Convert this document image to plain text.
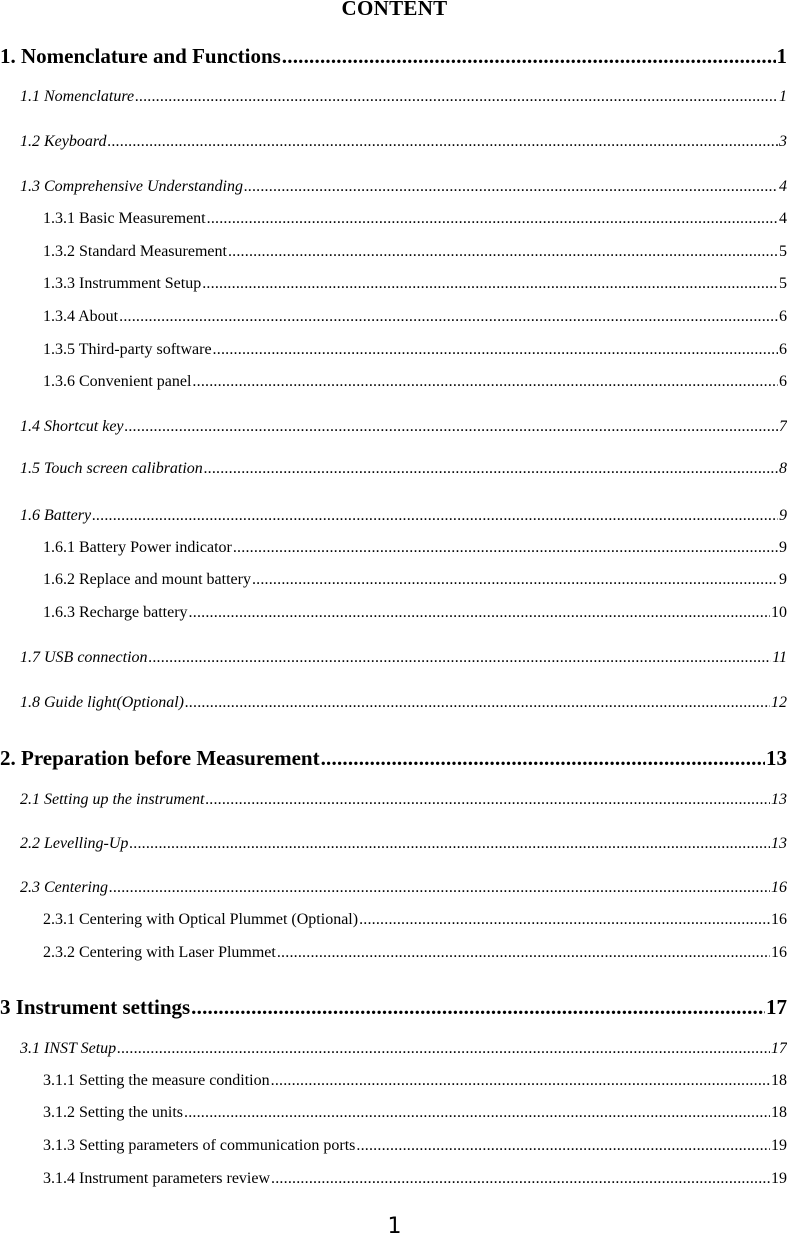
CONTENT
1. Nomenclature and Functions .....	1
1.1 Nomenclature .....	1
1.2 Keyboard .....	3
1.3 Comprehensive Understanding .....	4
1.3.1 Basic Measurement .....	4
1.3.2 Standard Measurement .....	5
1.3.3 Instrumment Setup .....	5
1.3.4 About .....	6
1.3.5 Third-party software .....	6
1.3.6 Convenient panel .....	6
1.4 Shortcut key .....	7
1.5 Touch screen calibration .....	8
1.6 Battery .....	9
1.6.1 Battery Power indicator .....	9
1.6.2 Replace and mount battery .....	9
1.6.3 Recharge battery .....	10
1.7 USB connection .....	11
1.8 Guide light(Optional) .....	12
2. Preparation before Measurement .....	13
2.1 Setting up the instrument .....	13
2.2 Levelling-Up .....	13
2.3 Centering .....	16
2.3.1 Centering with Optical Plummet (Optional) .....	16
2.3.2 Centering with Laser Plummet .....	16
3 Instrument settings .....	17
3.1 INST Setup .....	17
3.1.1 Setting the measure condition .....	18
3.1.2 Setting the units .....	18
3.1.3 Setting parameters of communication ports .....	19
3.1.4 Instrument parameters review .....	19
1
